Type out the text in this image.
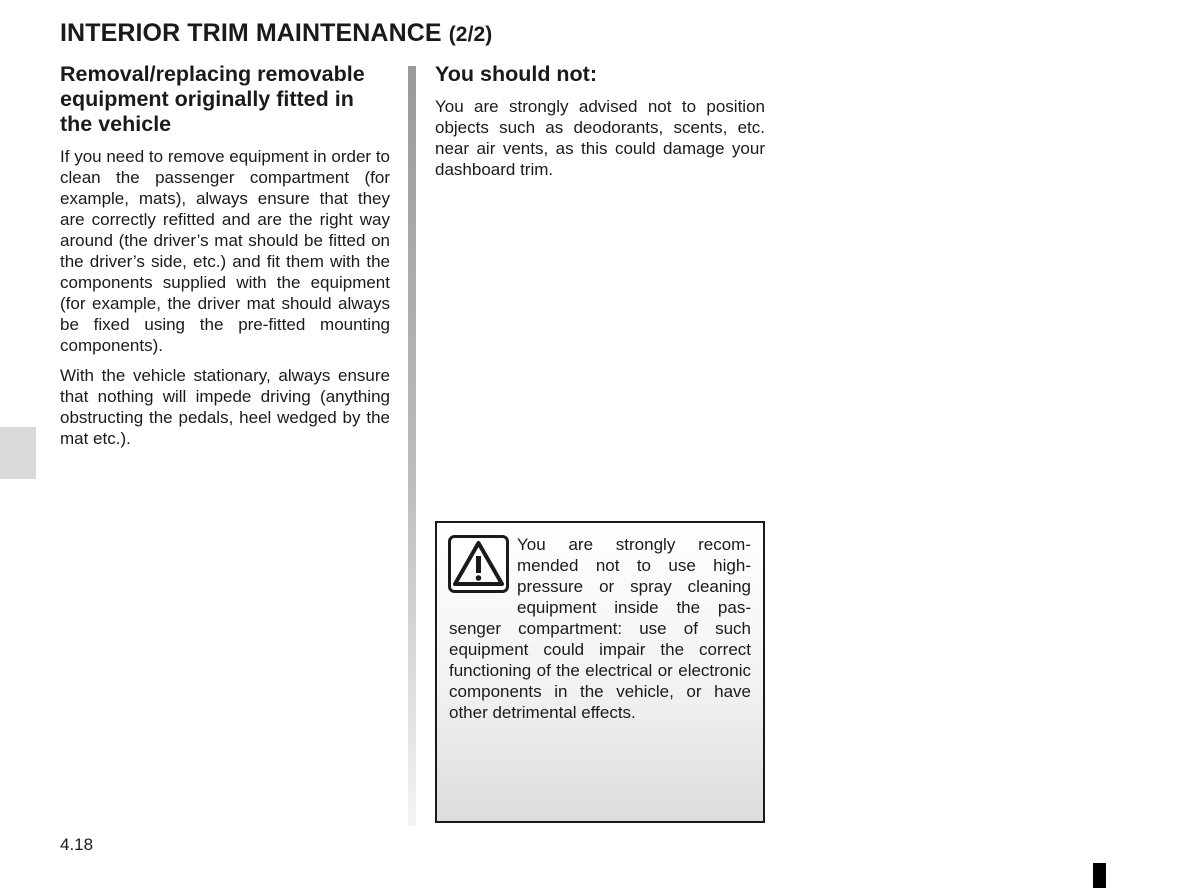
INTERIOR TRIM MAINTENANCE (2/2)
Removal/replacing removable equipment originally fitted in the vehicle

If you need to remove equipment in order to clean the passenger compartment (for example, mats), always ensure that they are correctly refitted and are the right way around (the driver’s mat should be fitted on the driver’s side, etc.) and fit them with the components supplied with the equipment (for example, the driver mat should always be fixed using the pre-fitted mounting components).

With the vehicle stationary, always ensure that nothing will impede driving (anything obstructing the pedals, heel wedged by the mat etc.).

You should not:

You are strongly advised not to position objects such as deodorants, scents, etc. near air vents, as this could damage your dashboard trim.

You are strongly recommended not to use high-pressure or spray cleaning equipment inside the passenger compartment: use of such equipment could impair the correct functioning of the electrical or electronic components in the vehicle, or have other detrimental effects.

4.18
